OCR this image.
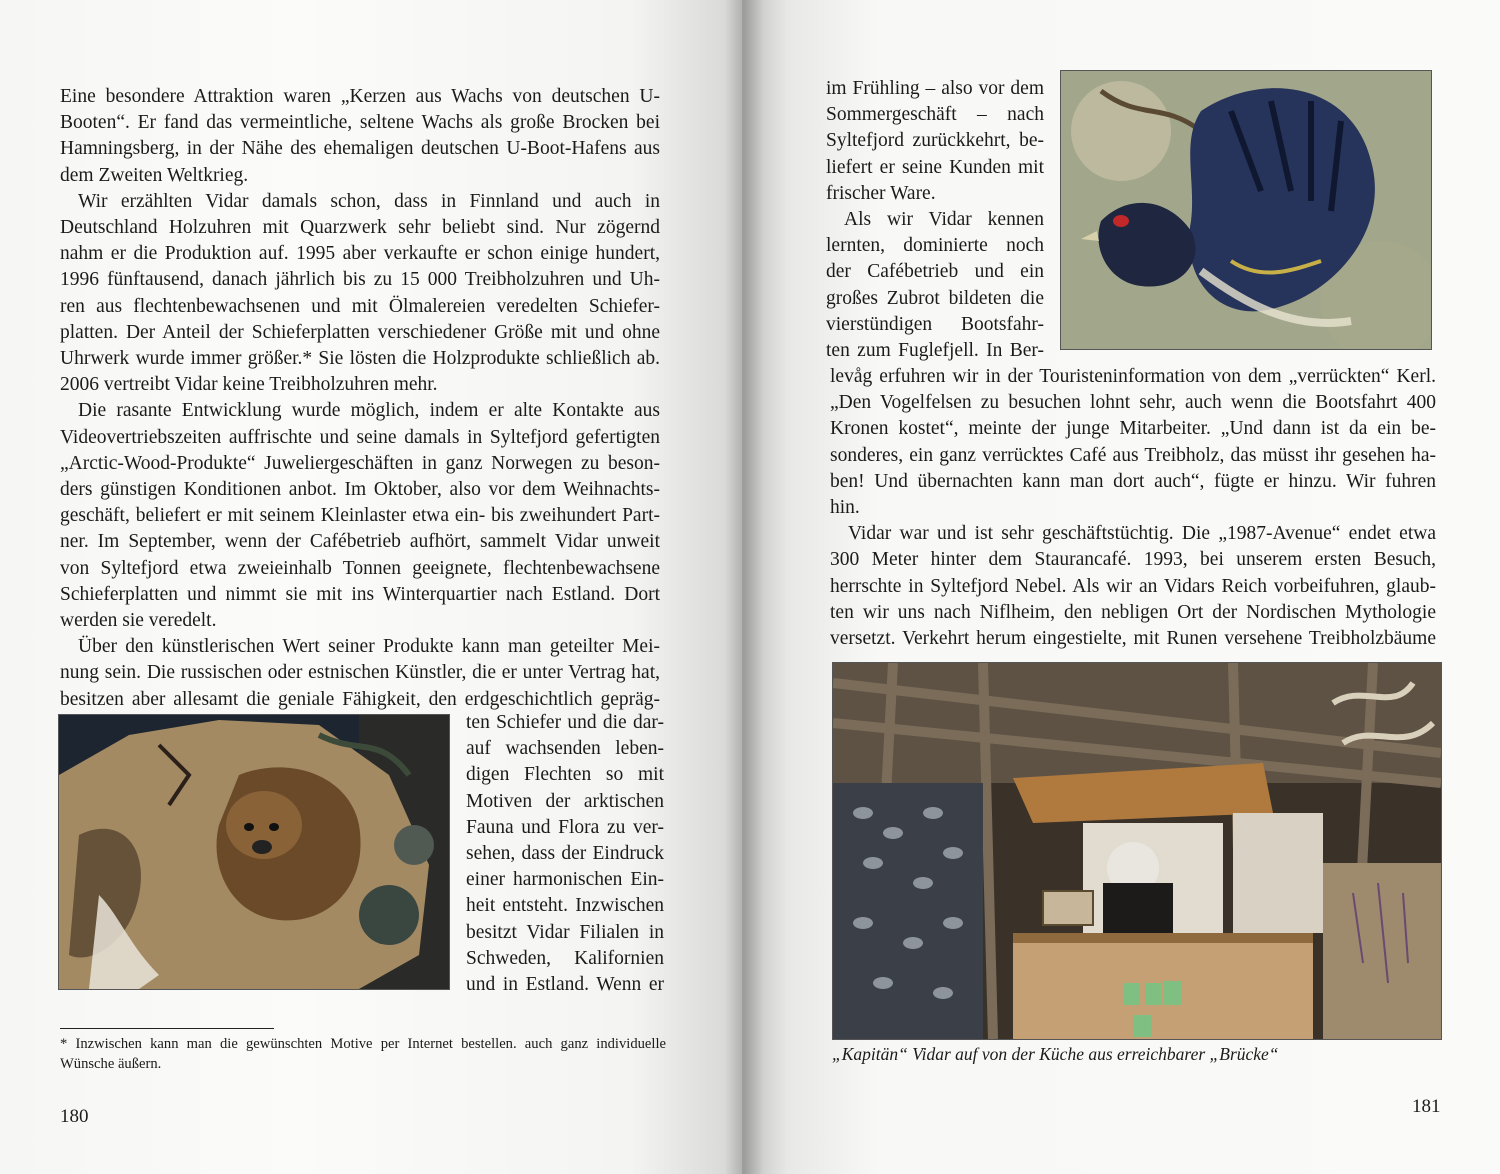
Eine besondere Attraktion waren „Kerzen aus Wachs von deutschen U-
Booten“. Er fand das vermeintliche, seltene Wachs als große Brocken bei
Hamningsberg, in der Nähe des ehemaligen deutschen U-Boot-Hafens aus
dem Zweiten Weltkrieg.

Wir erzählten Vidar damals schon, dass in Finnland und auch in
Deutschland Holzuhren mit Quarzwerk sehr beliebt sind. Nur zögernd
nahm er die Produktion auf. 1995 aber verkaufte er schon einige hundert,
1996 fünftausend, danach jährlich bis zu 15 000 Treibholzuhren und Uh-
ren aus flechtenbewachsenen und mit Ölmalereien veredelten Schiefer-
platten. Der Anteil der Schieferplatten verschiedener Größe mit und ohne
Uhrwerk wurde immer größer.* Sie lösten die Holzprodukte schließlich ab.
2006 vertreibt Vidar keine Treibholzuhren mehr.

Die rasante Entwicklung wurde möglich, indem er alte Kontakte aus
Videovertriebszeiten auffrischte und seine damals in Syltefjord gefertigten
„Arctic-Wood-Produkte“ Juweliergeschäften in ganz Norwegen zu beson-
ders günstigen Konditionen anbot. Im Oktober, also vor dem Weihnachts-
geschäft, beliefert er mit seinem Kleinlaster etwa ein- bis zweihundert Part-
ner. Im September, wenn der Cafébetrieb aufhört, sammelt Vidar unweit
von Syltefjord etwa zweieinhalb Tonnen geeignete, flechtenbewachsene
Schieferplatten und nimmt sie mit ins Winterquartier nach Estland. Dort
werden sie veredelt.

Über den künstlerischen Wert seiner Produkte kann man geteilter Mei-
nung sein. Die russischen oder estnischen Künstler, die er unter Vertrag hat,
besitzen aber allesamt die geniale Fähigkeit, den erdgeschichtlich gepräg-

ten Schiefer und die dar-
auf wachsenden leben-
digen Flechten so mit
Motiven der arktischen
Fauna und Flora zu ver-
sehen, dass der Eindruck
einer harmonischen Ein-
heit entsteht. Inzwischen
besitzt Vidar Filialen in
Schweden, Kalifornien
und in Estland. Wenn er
* Inzwischen kann man die gewünschten Motive per Internet bestellen. auch ganz individuelle Wünsche äußern.
180
im Frühling – also vor dem
Sommergeschäft – nach
Syltefjord zurückkehrt, be-
liefert er seine Kunden mit
frischer Ware.
Als wir Vidar kennen
lernten, dominierte noch
der Cafébetrieb und ein
großes Zubrot bildeten die
vierstündigen Bootsfahr-
ten zum Fuglefjell. In Ber-
levåg erfuhren wir in der Touristeninformation von dem „verrückten“ Kerl.
„Den Vogelfelsen zu besuchen lohnt sehr, auch wenn die Bootsfahrt 400
Kronen kostet“, meinte der junge Mitarbeiter. „Und dann ist da ein be-
sonderes, ein ganz verrücktes Café aus Treibholz, das müsst ihr gesehen ha-
ben! Und übernachten kann man dort auch“, fügte er hinzu. Wir fuhren
hin.
Vidar war und ist sehr geschäftstüchtig. Die „1987-Avenue“ endet etwa
300 Meter hinter dem Staurancafé. 1993, bei unserem ersten Besuch,
herrschte in Syltefjord Nebel. Als wir an Vidars Reich vorbeifuhren, glaub-
ten wir uns nach Niflheim, den nebligen Ort der Nordischen Mythologie
versetzt. Verkehrt herum eingestielte, mit Runen versehene Treibholzbäume
„Kapitän“ Vidar auf von der Küche aus erreichbarer „Brücke“
181
